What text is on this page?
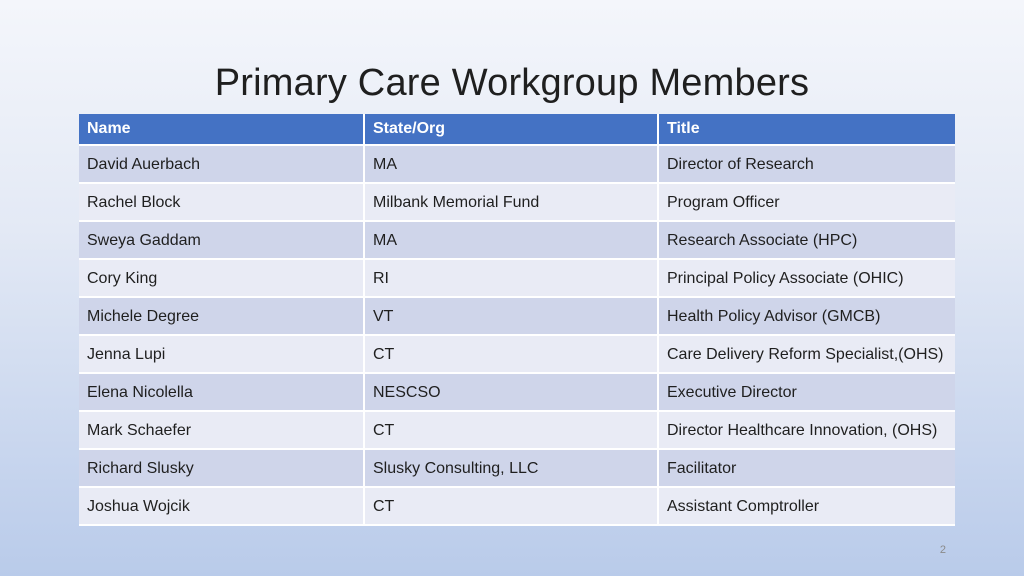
Primary Care Workgroup Members
Name	State/Org	Title
David Auerbach	MA	Director of Research
Rachel Block	Milbank Memorial Fund	Program Officer
Sweya Gaddam	MA	Research Associate (HPC)
Cory King	RI	Principal Policy Associate (OHIC)
Michele Degree	VT	Health Policy Advisor (GMCB)
Jenna Lupi	CT	Care Delivery Reform Specialist,(OHS)
Elena Nicolella	NESCSO	Executive Director
Mark Schaefer	CT	Director Healthcare Innovation, (OHS)
Richard Slusky	Slusky Consulting, LLC	Facilitator
Joshua Wojcik	CT	Assistant Comptroller
2
